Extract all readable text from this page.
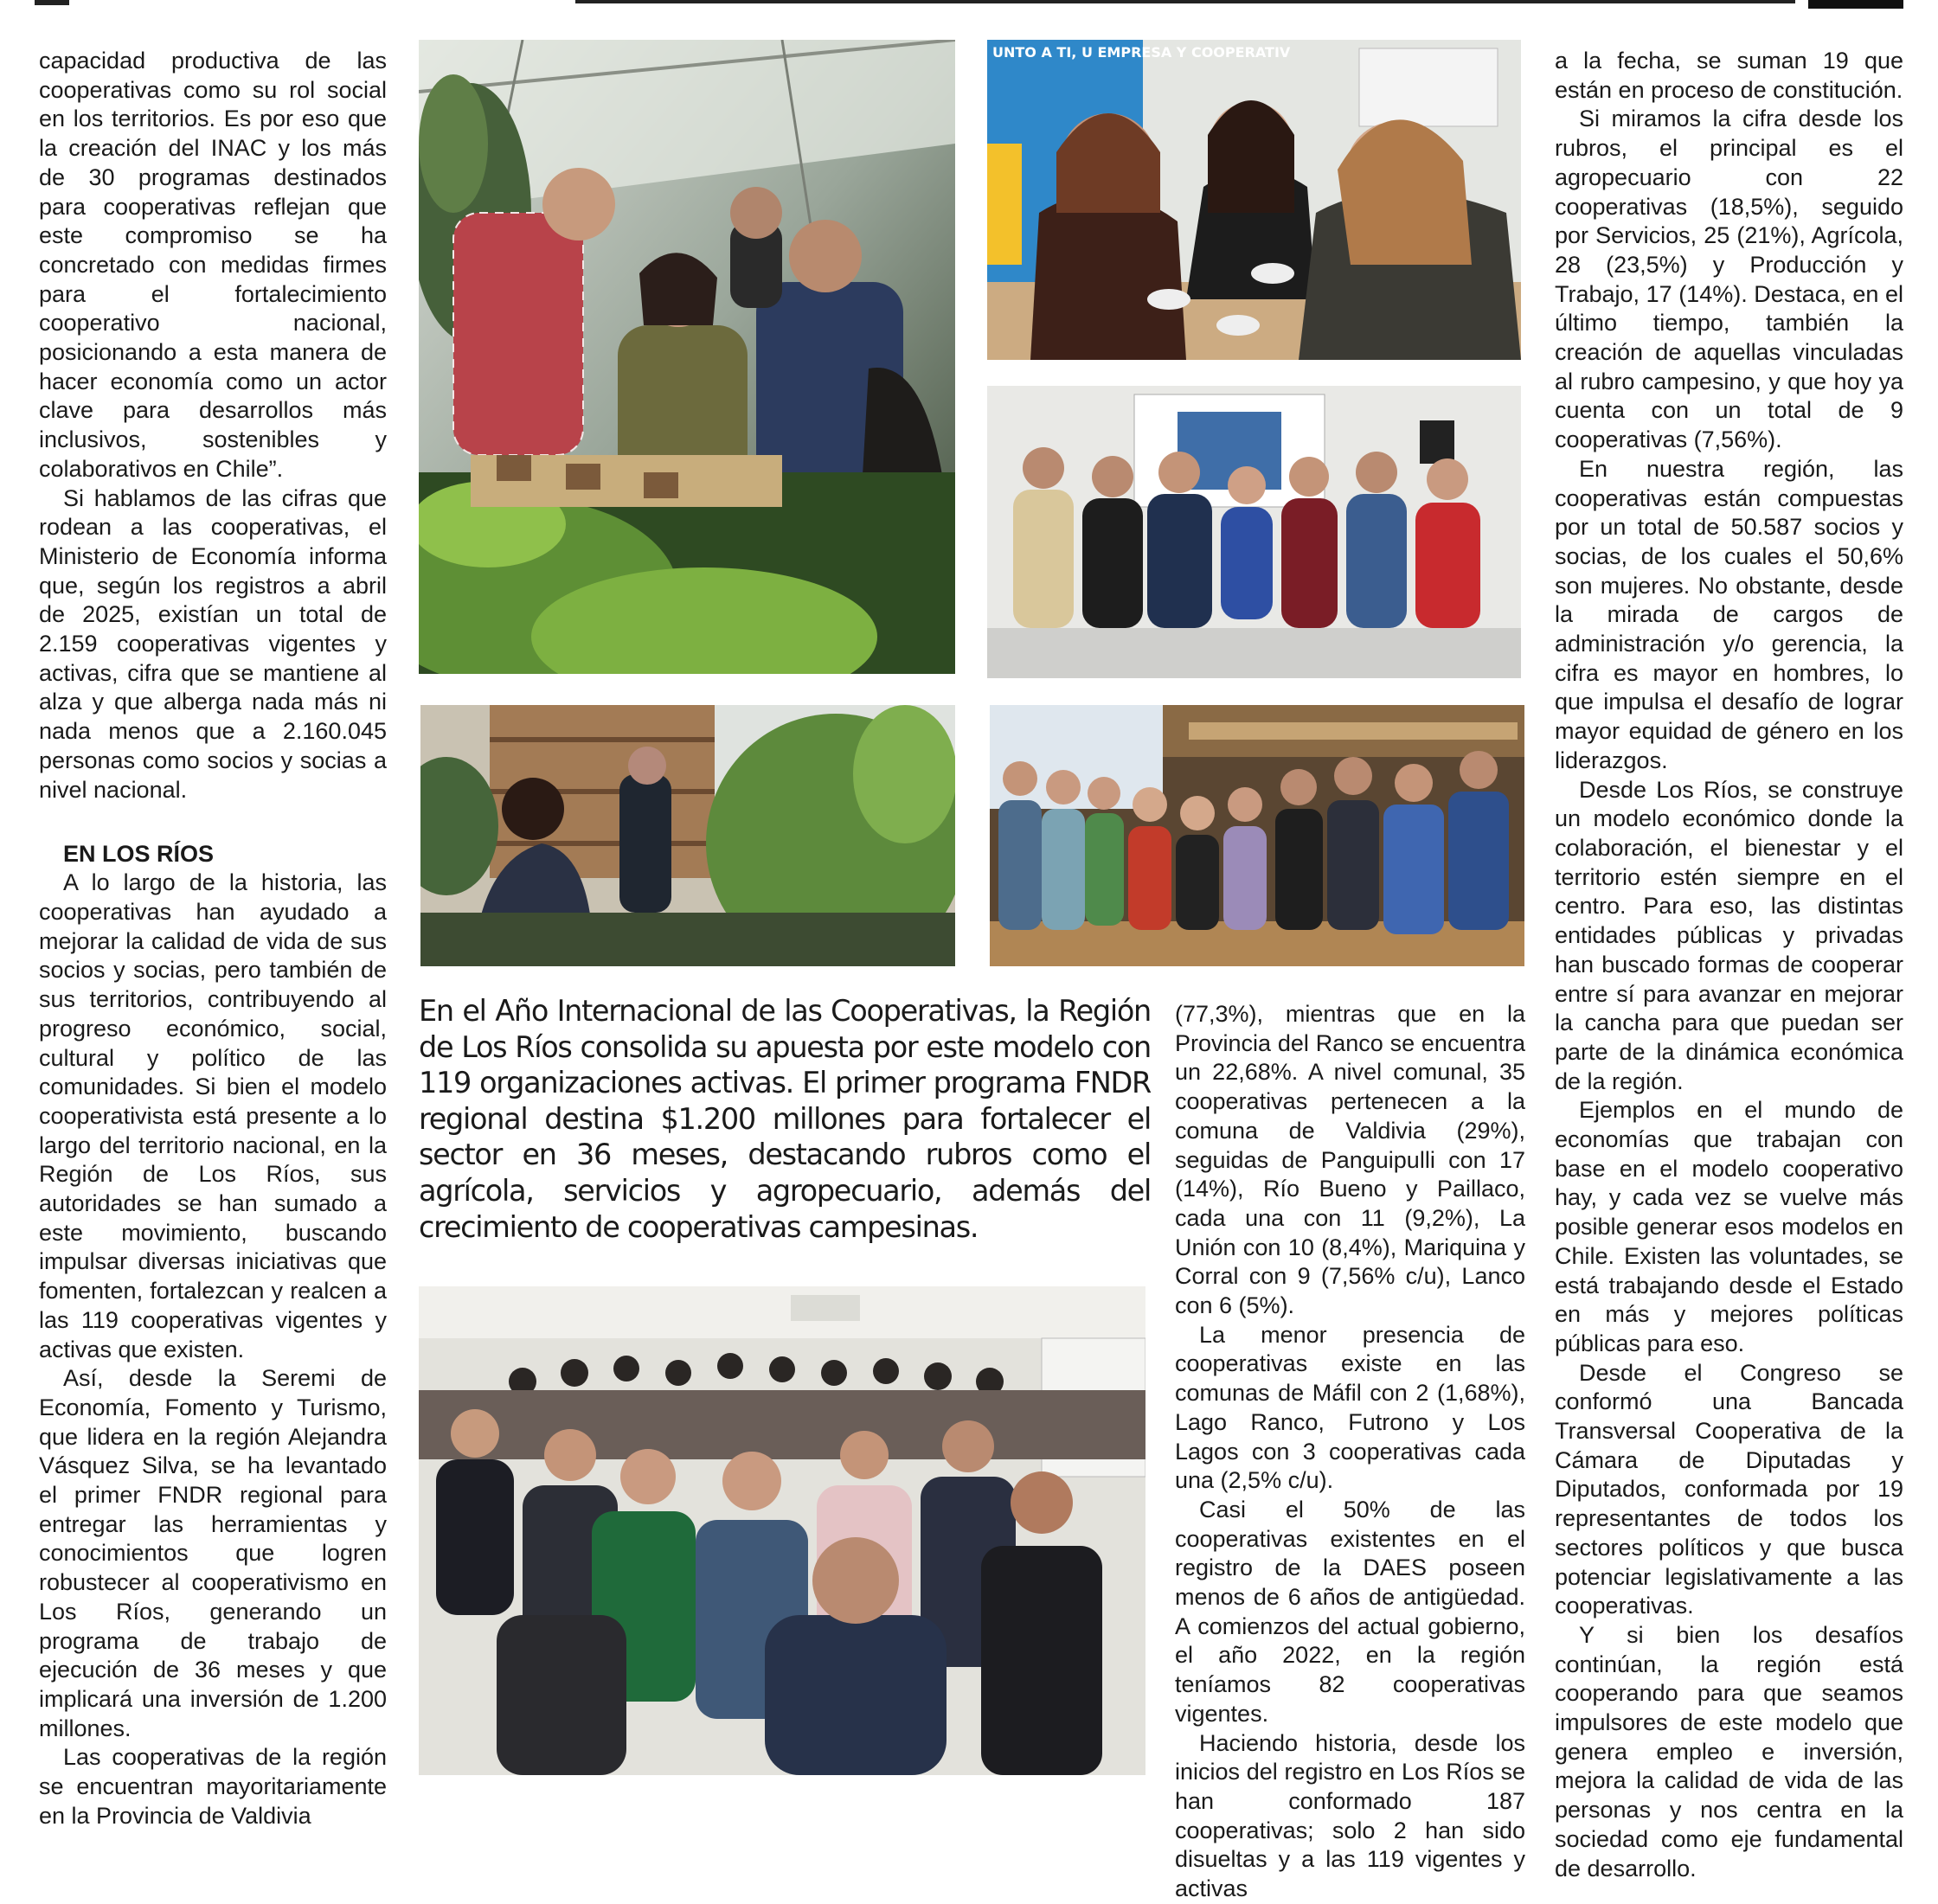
capacidad productiva de las cooperativas como su rol social en los territorios. Es por eso que la creación del INAC y los más de 30 programas destinados para cooperativas reflejan que este compromiso se ha concretado con medidas firmes para el fortalecimiento cooperativo nacional, posicionando a esta manera de hacer economía como un actor clave para desarrollos más inclusivos, sostenibles y colaborativos en Chile”.

Si hablamos de las cifras que rodean a las cooperativas, el Ministerio de Economía informa que, según los registros a abril de 2025, existían un total de 2.159 cooperativas vigentes y activas, cifra que se mantiene al alza y que alberga nada más ni nada menos que a 2.160.045 personas como socios y socias a nivel nacional.

EN LOS RÍOS

A lo largo de la historia, las cooperativas han ayudado a mejorar la calidad de vida de sus socios y socias, pero también de sus territorios, contribuyendo al progreso económico, social, cultural y político de las comunidades. Si bien el modelo cooperativista está presente a lo largo del territorio nacional, en la Región de Los Ríos, sus autoridades se han sumado a este movimiento, buscando impulsar diversas iniciativas que fomenten, fortalezcan y realcen a las 119 cooperativas vigentes y activas que existen.

Así, desde la Seremi de Economía, Fomento y Turismo, que lidera en la región Alejandra Vásquez Silva, se ha levantado el primer FNDR regional para entregar las herramientas y conocimientos que logren robustecer al cooperativismo en Los Ríos, generando un programa de trabajo de ejecución de 36 meses y que implicará una inversión de 1.200 millones.

Las cooperativas de la región se encuentran mayoritariamente en la Provincia de Valdivia

UNTO A TI, U EMPRESA Y COOPERATIV
En el Año Internacional de las Cooperativas, la Región de Los Ríos consolida su apuesta por este modelo con 119 organizaciones activas. El primer programa FNDR regional destina $1.200 millones para fortalecer el sector en 36 meses, destacando rubros como el agrícola, servicios y agropecuario, además del crecimiento de cooperativas campesinas.

(77,3%), mientras que en la Provincia del Ranco se encuentra un 22,68%. A nivel comunal, 35 cooperativas pertenecen a la comuna de Valdivia (29%), seguidas de Panguipulli con 17 (14%), Río Bueno y Paillaco, cada una con 11 (9,2%), La Unión con 10 (8,4%), Mariquina y Corral con 9 (7,56% c/u), Lanco con 6 (5%).

La menor presencia de cooperativas existe en las comunas de Máfil con 2 (1,68%), Lago Ranco, Futrono y Los Lagos con 3 cooperativas cada una (2,5% c/u).

Casi el 50% de las cooperativas existentes en el registro de la DAES poseen menos de 6 años de antigüedad. A comienzos del actual gobierno, el año 2022, en la región teníamos 82 cooperativas vigentes.

Haciendo historia, desde los inicios del registro en Los Ríos se han conformado 187 cooperativas; solo 2 han sido disueltas y a las 119 vigentes y activas

a la fecha, se suman 19 que están en proceso de constitución.

Si miramos la cifra desde los rubros, el principal es el agropecuario con 22 cooperativas (18,5%), seguido por Servicios, 25 (21%), Agrícola, 28 (23,5%) y Producción y Trabajo, 17 (14%). Destaca, en el último tiempo, también la creación de aquellas vinculadas al rubro campesino, y que hoy ya cuenta con un total de 9 cooperativas (7,56%).

En nuestra región, las cooperativas están compuestas por un total de 50.587 socios y socias, de los cuales el 50,6% son mujeres. No obstante, desde la mirada de cargos de administración y/o gerencia, la cifra es mayor en hombres, lo que impulsa el desafío de lograr mayor equidad de género en los liderazgos.

Desde Los Ríos, se construye un modelo económico donde la colaboración, el bienestar y el territorio estén siempre en el centro. Para eso, las distintas entidades públicas y privadas han buscado formas de cooperar entre sí para avanzar en mejorar la cancha para que puedan ser parte de la dinámica económica de la región.

Ejemplos en el mundo de economías que trabajan con base en el modelo cooperativo hay, y cada vez se vuelve más posible generar esos modelos en Chile. Existen las voluntades, se está trabajando desde el Estado en más y mejores políticas públicas para eso.

Desde el Congreso se conformó una Bancada Transversal Cooperativa de la Cámara de Diputadas y Diputados, conformada por 19 representantes de todos los sectores políticos y que busca potenciar legislativamente a las cooperativas.

Y si bien los desafíos continúan, la región está cooperando para que seamos impulsores de este modelo que genera empleo e inversión, mejora la calidad de vida de las personas y nos centra en la sociedad como eje fundamental de desarrollo.
